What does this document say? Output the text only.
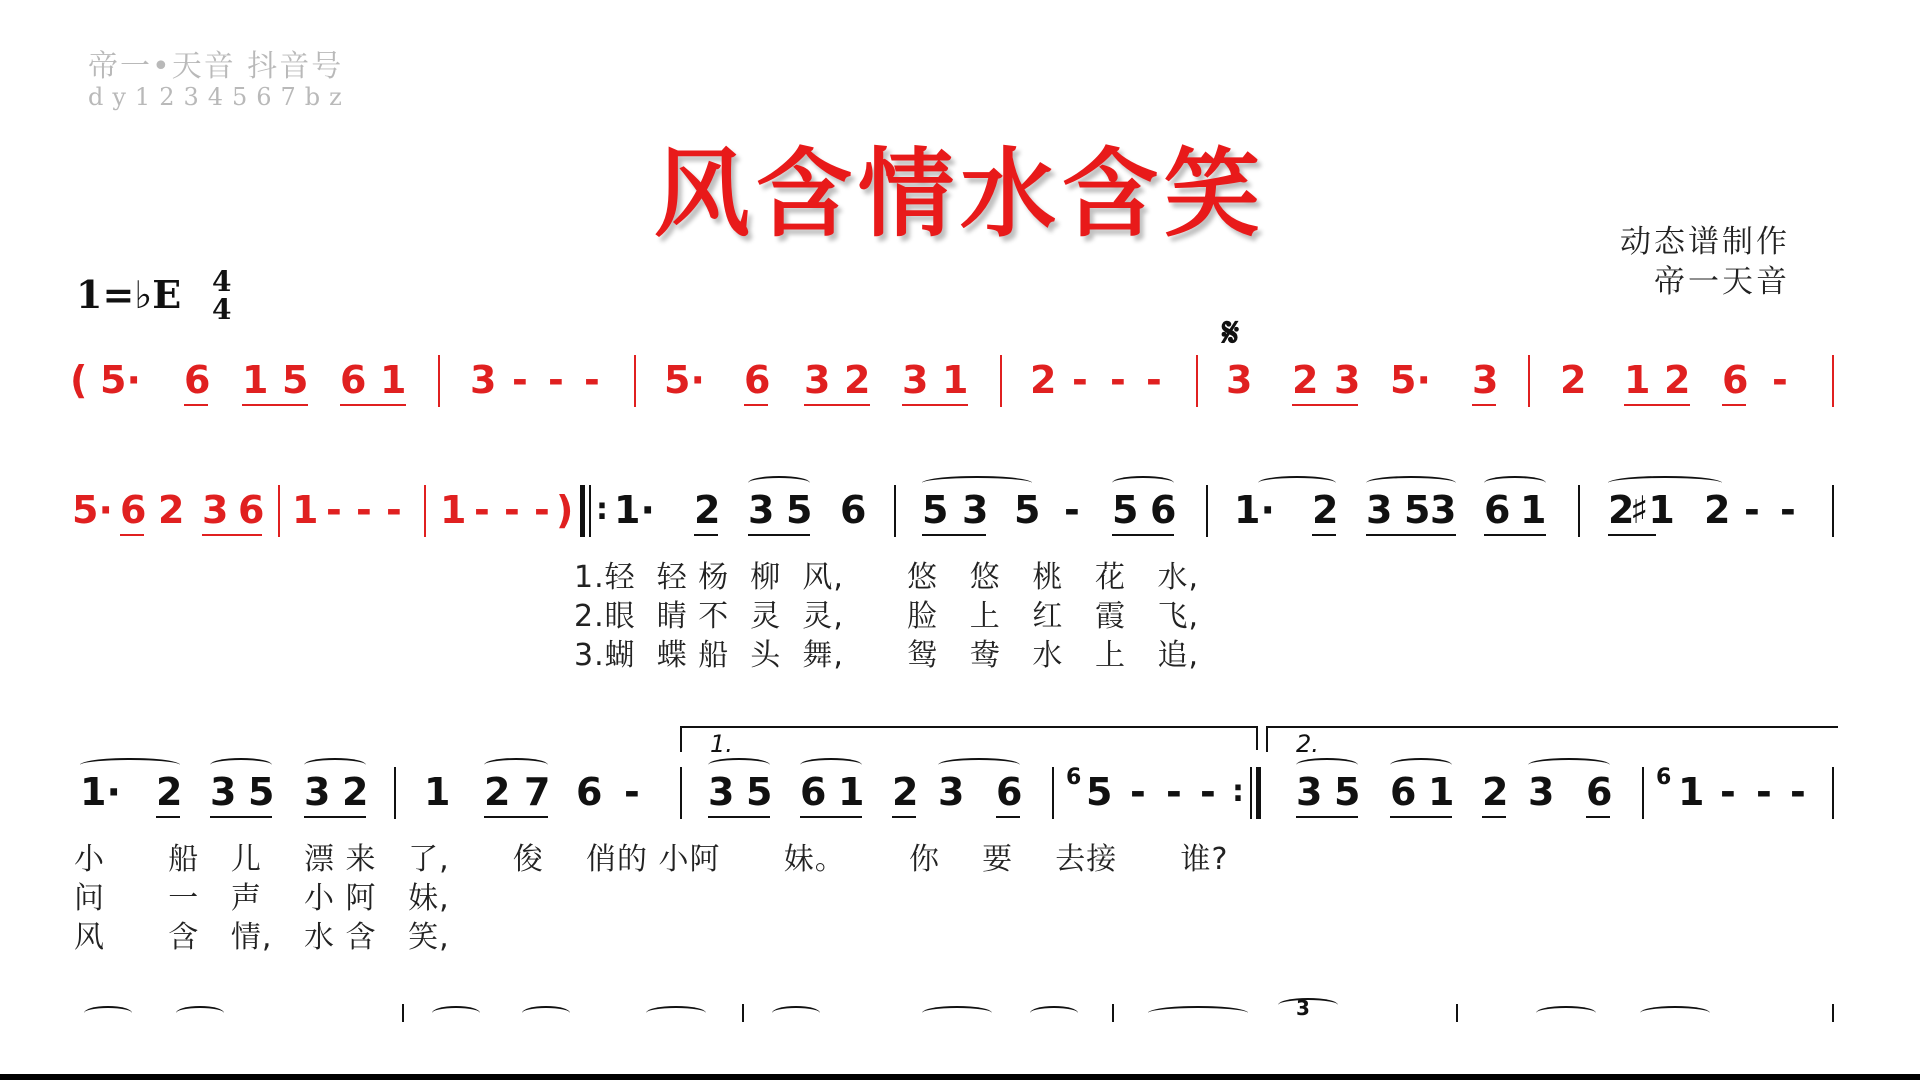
帝一•天音 抖音号
dy1234567bz
风含情水含笑	动态谱制作
帝一天音
1=♭E 4
4
𝄋
( 5· 6 1 5 6 1 3 - - - 5· 6 3 2 3 1 2 - - - 3 2 3 5· 3 2 1 2 6 -
5· 6 2 3 6 1 - - - 1 - - - ) : 1· 2 3 5 6 5 3 5 - 5 6 1· 2 3 5 3 6 1 2
♯1 2 - -
1.轻  轻 杨  柳  风,      悠   悠   桃   花   水,
2.眼  睛 不  灵  灵,      脸   上   红   霞   飞,
3.蝴  蝶 船  头  舞,      鸳   鸯   水   上   追,
1.	2.
1· 2 3 5 3 2 1 2 7 6 - 3 5 6 1 2 3 6 6 5 - - - : 3 5 6 1 2 3 6 6 1 - - -
小      船   儿    漂 来   了,      俊    俏的 小阿      妹。      你    要    去接      谁?
问      一   声    小 阿   妹,
风      含   情,   水 含   笑,
3
